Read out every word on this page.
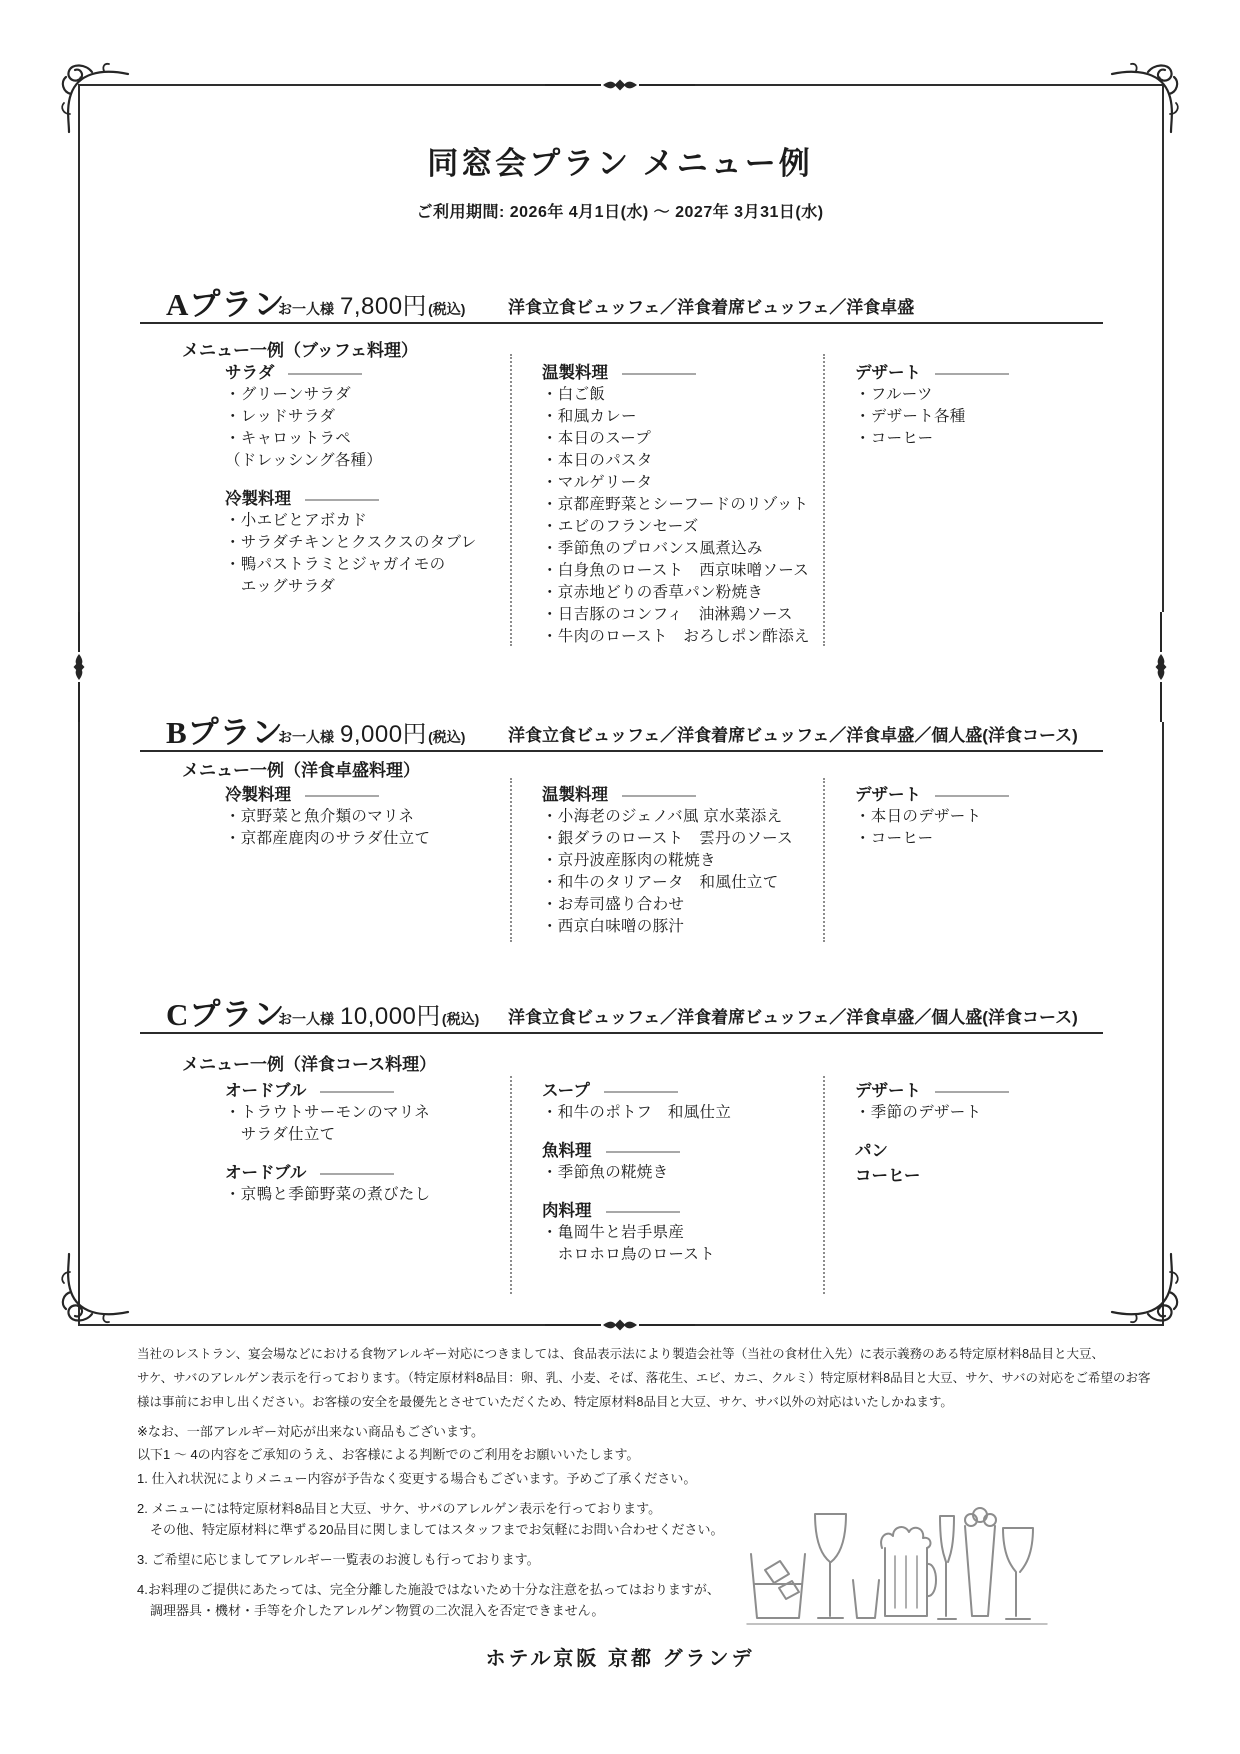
同窓会プラン メニュー例
ご利用期間: 2026年 4月1日(水) ～ 2027年 3月31日(水)
Aプラン
お一人様 7,800円(税込)	洋食立食ビュッフェ／洋食着席ビュッフェ／洋食卓盛
メニュー一例（ブッフェ料理）
サラダ
・グリーンサラダ
・レッドサラダ
・キャロットラペ
（ドレッシング各種）
冷製料理
・小エビとアボカド
・サラダチキンとクスクスのタブレ
・鴨パストラミとジャガイモの
　エッグサラダ
温製料理
・白ご飯
・和風カレー
・本日のスープ
・本日のパスタ
・マルゲリータ
・京都産野菜とシーフードのリゾット
・エビのフランセーズ
・季節魚のプロバンス風煮込み
・白身魚のロースト　西京味噌ソース
・京赤地どりの香草パン粉焼き
・日吉豚のコンフィ　油淋鶏ソース
・牛肉のロースト　おろしポン酢添え
デザート
・フルーツ
・デザート各種
・コーヒー
Bプラン
お一人様 9,000円(税込)	洋食立食ビュッフェ／洋食着席ビュッフェ／洋食卓盛／個人盛(洋食コース)
メニュー一例（洋食卓盛料理）
冷製料理
・京野菜と魚介類のマリネ
・京都産鹿肉のサラダ仕立て
温製料理
・小海老のジェノバ風 京水菜添え
・銀ダラのロースト　雲丹のソース
・京丹波産豚肉の糀焼き
・和牛のタリアータ　和風仕立て
・お寿司盛り合わせ
・西京白味噌の豚汁
デザート
・本日のデザート
・コーヒー
Cプラン
お一人様 10,000円(税込) 洋食立食ビュッフェ／洋食着席ビュッフェ／洋食卓盛／個人盛(洋食コース)
メニュー一例（洋食コース料理）
オードブル
・トラウトサーモンのマリネ
　サラダ仕立て
オードブル
・京鴨と季節野菜の煮びたし
スープ
・和牛のポトフ　和風仕立
魚料理
・季節魚の糀焼き
肉料理
・亀岡牛と岩手県産
　ホロホロ鳥のロースト
デザート
・季節のデザート
パン
コーヒー
当社のレストラン、宴会場などにおける食物アレルギー対応につきましては、食品表示法により製造会社等（当社の食材仕入先）に表示義務のある特定原材料8品目と大豆、
サケ、サバのアレルゲン表示を行っております。（特定原材料8品目：卵、乳、小麦、そば、落花生、エビ、カニ、クルミ）特定原材料8品目と大豆、サケ、サバの対応をご希望のお客
様は事前にお申し出ください。お客様の安全を最優先とさせていただくため、特定原材料8品目と大豆、サケ、サバ以外の対応はいたしかねます。
※なお、一部アレルギー対応が出来ない商品もございます。
以下1 ～ 4の内容をご承知のうえ、お客様による判断でのご利用をお願いいたします。
1. 仕入れ状況によりメニュー内容が予告なく変更する場合もございます。予めご了承ください。
2. メニューには特定原材料8品目と大豆、サケ、サバのアレルゲン表示を行っております。
　その他、特定原材料に準ずる20品目に関しましてはスタッフまでお気軽にお問い合わせください。
3. ご希望に応じましてアレルギー一覧表のお渡しも行っております。
4.お料理のご提供にあたっては、完全分離した施設ではないため十分な注意を払ってはおりますが、
　調理器具・機材・手等を介したアレルゲン物質の二次混入を否定できません。
ホテル京阪 京都 グランデ
